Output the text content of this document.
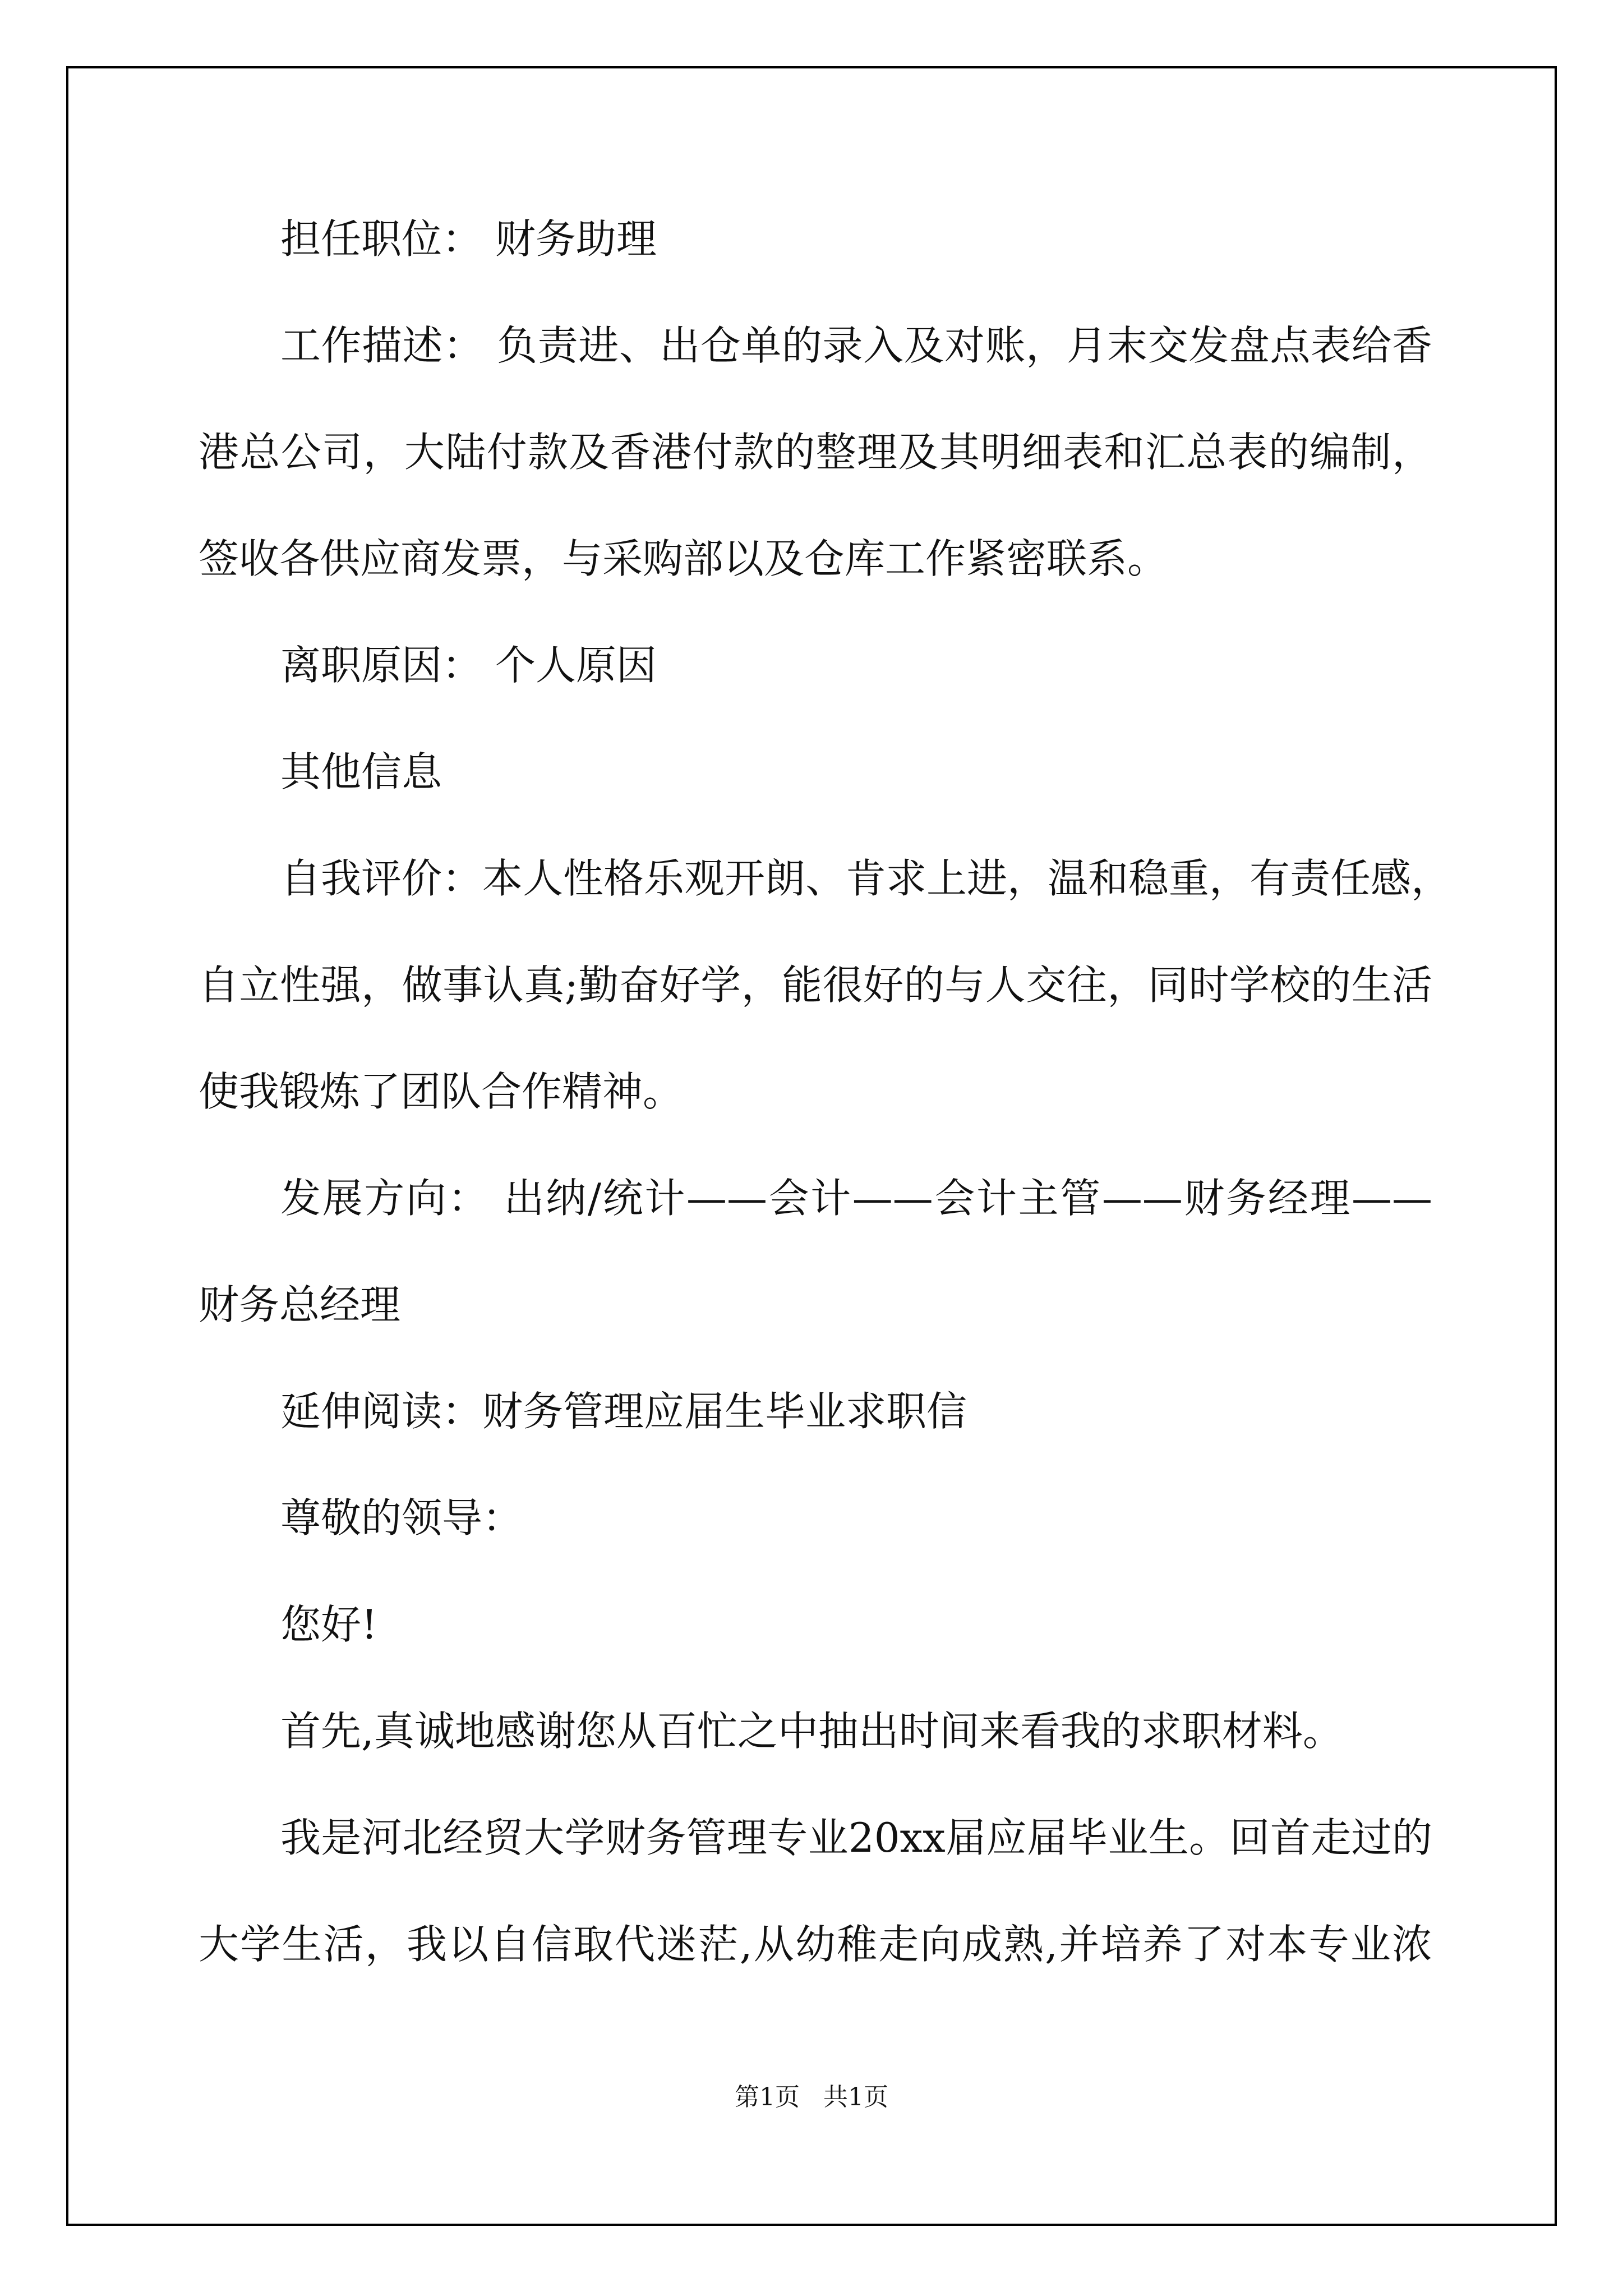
担任职位： 财务助理
工作描述： 负责进、出仓单的录入及对账，月末交发盘点表给香
港总公司，大陆付款及香港付款的整理及其明细表和汇总表的编制，
签收各供应商发票，与采购部以及仓库工作紧密联系。
离职原因： 个人原因
其他信息
自我评价：本人性格乐观开朗、肯求上进，温和稳重，有责任感，
自立性强，做事认真;勤奋好学，能很好的与人交往，同时学校的生活
使我锻炼了团队合作精神。
发展方向： 出纳/统计——会计——会计主管——财务经理——
财务总经理
延伸阅读：财务管理应届生毕业求职信
尊敬的领导：
您好!
首先,真诚地感谢您从百忙之中抽出时间来看我的求职材料。
我是河北经贸大学财务管理专业20xx届应届毕业生。回首走过的
大学生活，我以自信取代迷茫,从幼稚走向成熟,并培养了对本专业浓
第1页   共1页
